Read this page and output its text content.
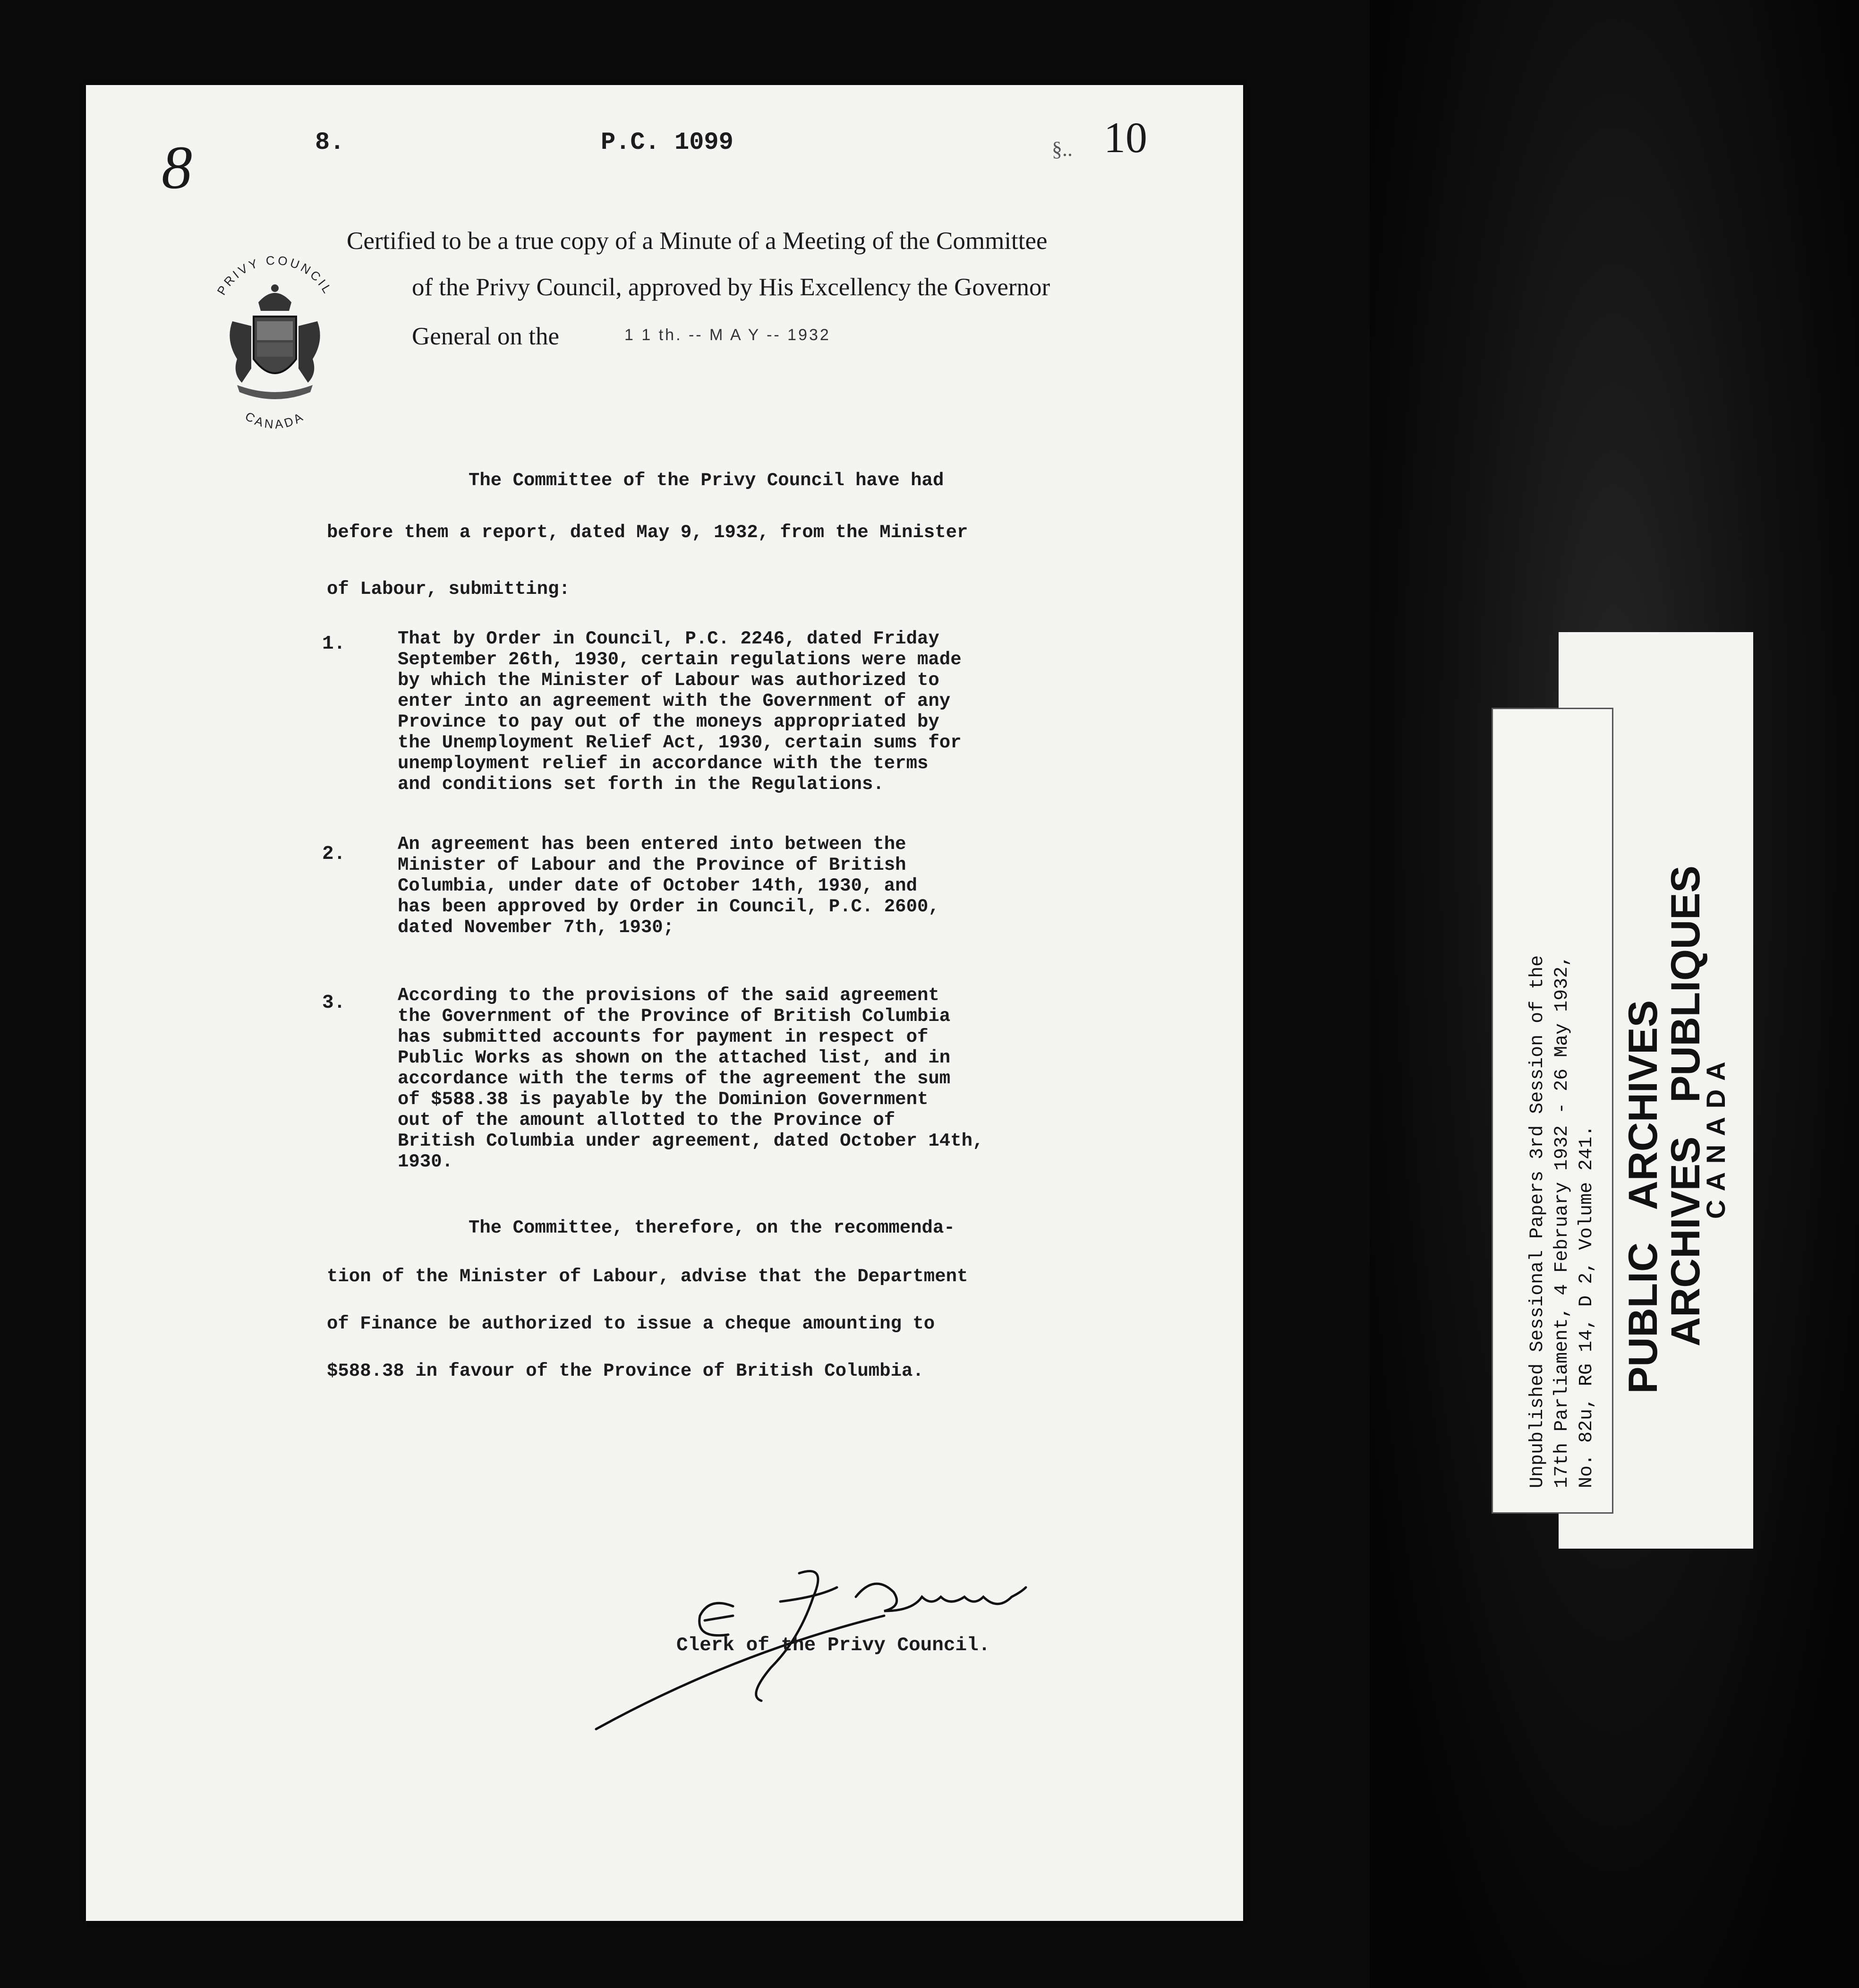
8	8.	P.C. 1099	§.. 10
PRIVY COUNCIL
CANADA
Certified to be a true copy of a Minute of a Meeting of the Committee
of the Privy Council, approved by His Excellency the Governor
General on the	1 1 th. -- M A Y -- 1932
The Committee of the Privy Council have had
before them a report, dated May 9, 1932, from the Minister
of Labour, submitting:
1.	That by Order in Council, P.C. 2246, dated Friday
September 26th, 1930, certain regulations were made
by which the Minister of Labour was authorized to
enter into an agreement with the Government of any
Province to pay out of the moneys appropriated by
the Unemployment Relief Act, 1930, certain sums for
unemployment relief in accordance with the terms
and conditions set forth in the Regulations.
2.	An agreement has been entered into between the
Minister of Labour and the Province of British
Columbia, under date of October 14th, 1930, and
has been approved by Order in Council, P.C. 2600,
dated November 7th, 1930;
3.	According to the provisions of the said agreement
the Government of the Province of British Columbia
has submitted accounts for payment in respect of
Public Works as shown on the attached list, and in
accordance with the terms of the agreement the sum
of $588.38 is payable by the Dominion Government
out of the amount allotted to the Province of
British Columbia under agreement, dated October 14th,
1930.
The Committee, therefore, on the recommenda-
tion of the Minister of Labour, advise that the Department
of Finance be authorized to issue a cheque amounting to
$588.38 in favour of the Province of British Columbia.
Clerk of the Privy Council.
Unpublished Sessional Papers 3rd Session of the 17th Parliament, 4 February 1932 - 26 May 1932, No. 82u, RG 14, D 2, Volume 241. PUBLIC   ARCHIVES
ARCHIVES   PUBLIQUES
CANADA
